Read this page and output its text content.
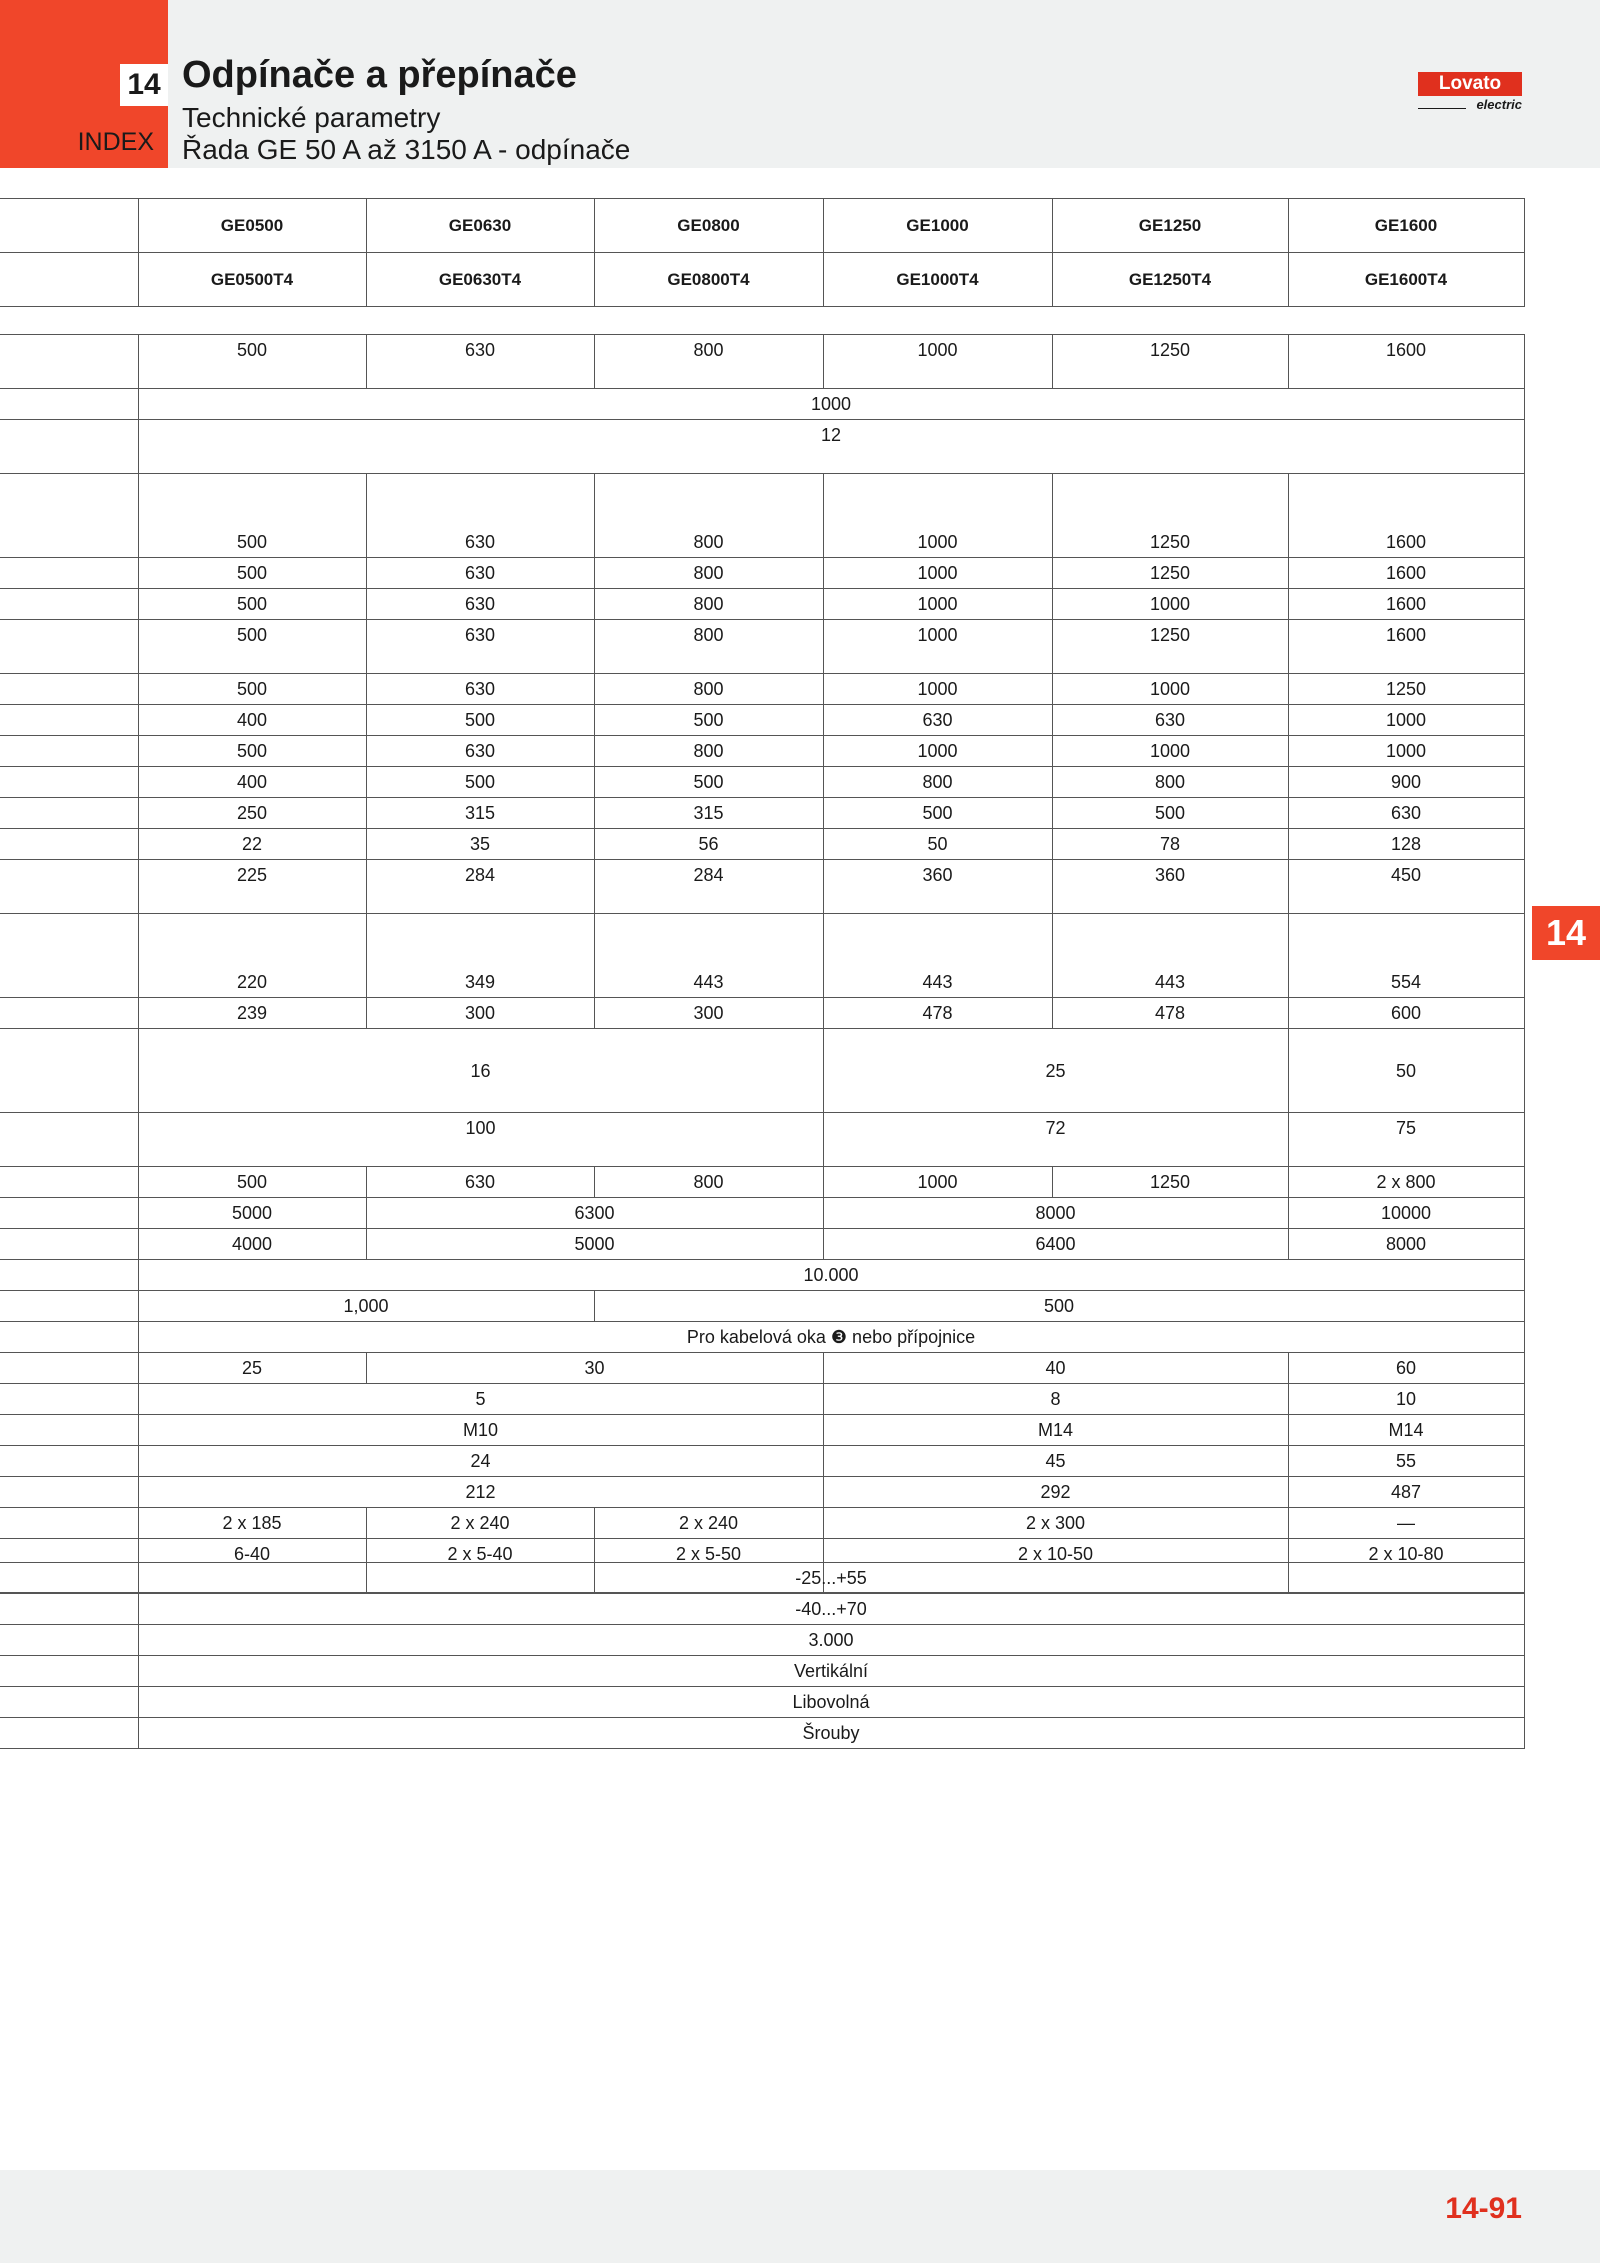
14
INDEX
Odpínače a přepínače
Technické parametry
Řada GE 50 A až 3150 A - odpínače
Lovato
electric
	GE0500	GE0630	GE0800	GE1000	GE1250	GE1600
	GE0500T4	GE0630T4	GE0800T4	GE1000T4	GE1250T4	GE1600T4
	500	630	800	1000	1250	1600
	1000					
	12					
	500	630	800	1000	1250	1600
	500	630	800	1000	1250	1600
	500	630	800	1000	1000	1600
	500	630	800	1000	1250	1600
	500	630	800	1000	1000	1250
	400	500	500	630	630	1000
	500	630	800	1000	1000	1000
	400	500	500	800	800	900
	250	315	315	500	500	630
	22	35	56	50	78	128
	225	284	284	360	360	450
	220	349	443	443	443	554
	239	300	300	478	478	600
	16			25		50
	100			72		75
	500	630	800	1000	1250	2 x 800
	5000	6300		8000		10000
	4000	5000		6400		8000
	10.000					
	1,000		500			
	Pro kabelová oka ❸ nebo přípojnice					
	25	30		40		60
	5			8		10
	M10			M14		M14
	24			45		55
	212			292		487
	2 x 185	2 x 240	2 x 240	2 x 300		—
	6-40	2 x 5-40	2 x 5-50	2 x 10-50		2 x 10-80
	-25...+55
	-40...+70
	3.000
	Vertikální
	Libovolná
	Šrouby
14
14-91
